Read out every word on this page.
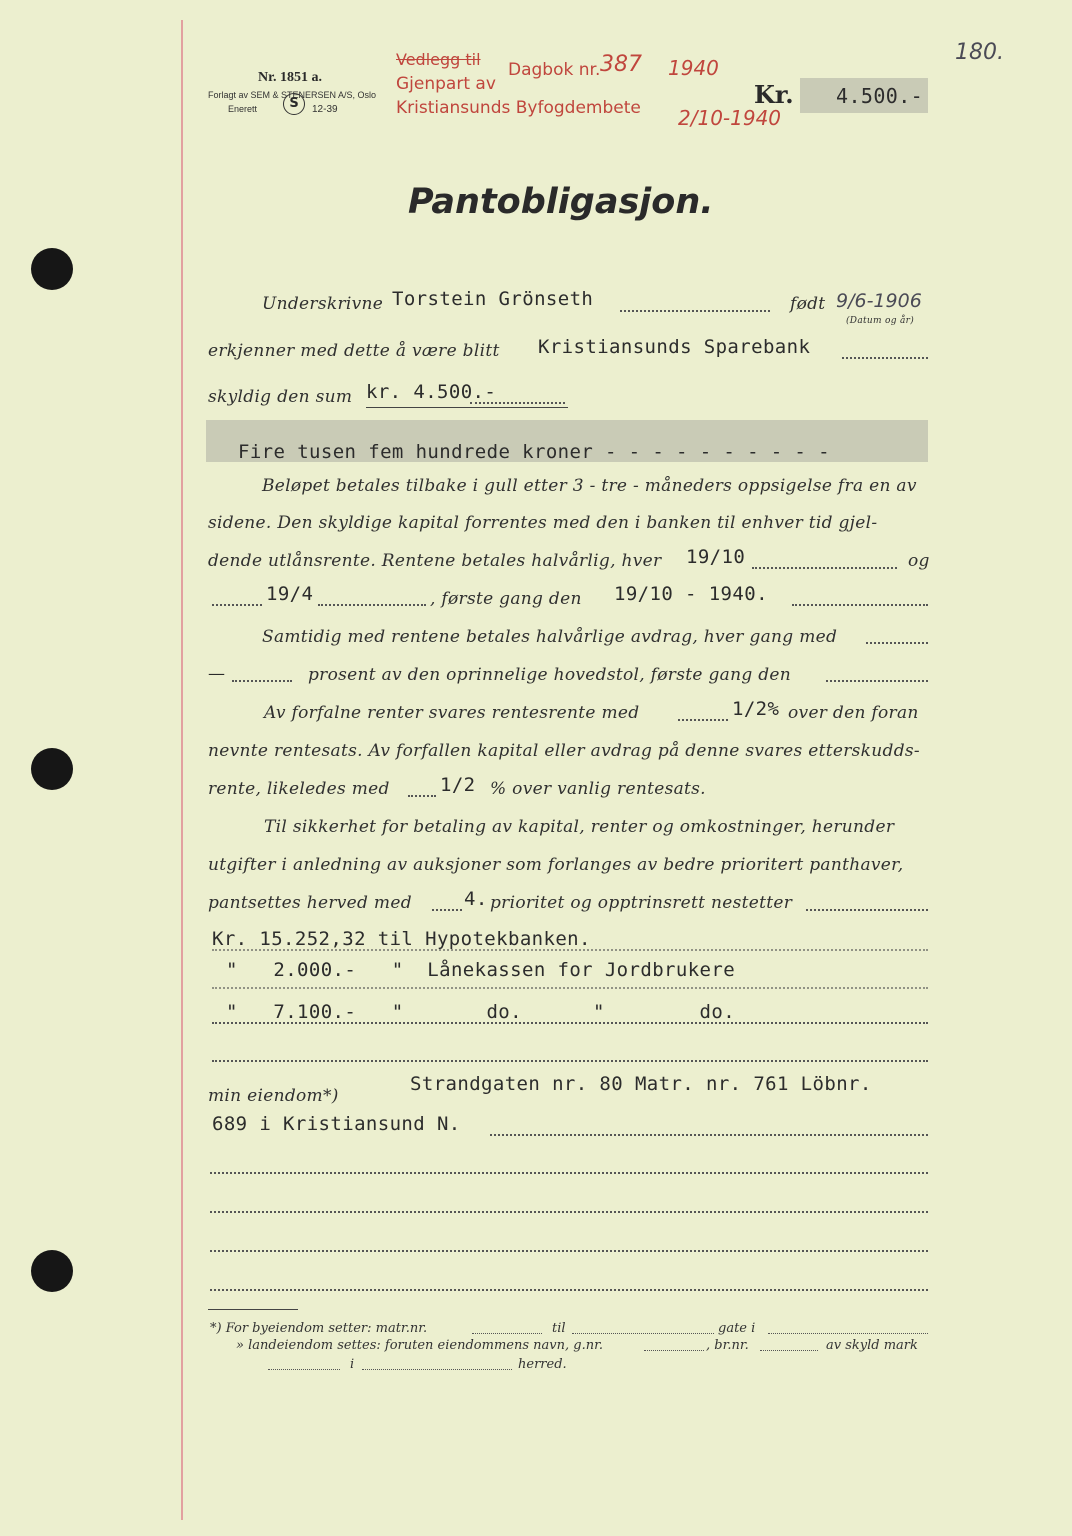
180.
Nr. 1851 a.
Forlagt av SEM & STENERSEN A/S, Oslo
Enerett	S	12-39
Vedlegg til
Gjenpart av
Kristiansunds Byfogdembete
Dagbok nr. 387 1940
2/10-1940
Kr. 4.500.-
Pantobligasjon.
Underskrivne Torstein Grönseth	født 9/6-1906
(Datum og år)
erkjenner med dette å være blitt Kristiansunds Sparebank
skyldig den sum kr. 4.500.-
Fire tusen fem hundrede kroner - - - - - - - - - -
Beløpet betales tilbake i gull etter 3 - tre - måneders oppsigelse fra en av
sidene. Den skyldige kapital forrentes med den i banken til enhver tid gjel-
dende utlånsrente. Rentene betales halvårlig, hver 19/10	og
19/4	, første gang den 19/10 - 1940.
Samtidig med rentene betales halvårlige avdrag, hver gang med
—	prosent av den oprinnelige hovedstol, første gang den
Av forfalne renter svares rentesrente med	1/2% over den foran
nevnte rentesats. Av forfallen kapital eller avdrag på denne svares etterskudds-
rente, likeledes med	1/2 % over vanlig rentesats.
Til sikkerhet for betaling av kapital, renter og omkostninger, herunder
utgifter i anledning av auksjoner som forlanges av bedre prioritert panthaver,
pantsettes herved med	4. prioritet og opptrinsrett nestetter
Kr. 15.252,32 til Hypotekbanken.
"   2.000.-   "  Lånekassen for Jordbrukere
"   7.100.-   "       do.      "        do.
min eiendom*)
Strandgaten nr. 80 Matr. nr. 761 Löbnr.
689 i Kristiansund N.
*) For byeiendom setter: matr.nr.	til	gate i
» landeiendom settes: foruten eiendommens navn, g.nr.	, br.nr.	av skyld mark
i	herred.
